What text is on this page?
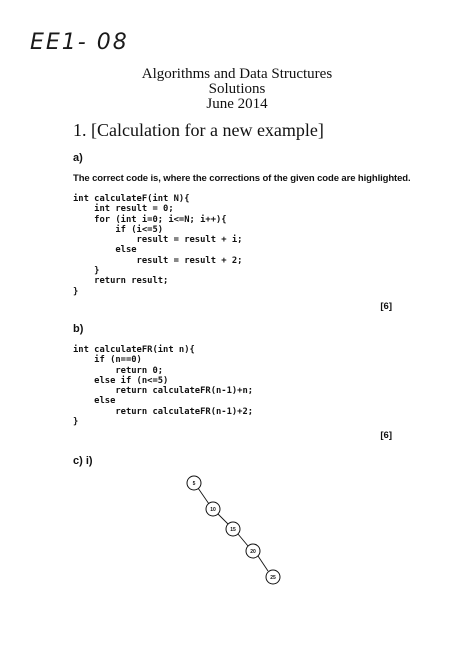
EE1- 08
Algorithms and Data Structures
Solutions
June 2014
1. [Calculation for a new example]
a)
The correct code is, where the corrections of the given code are highlighted.
int calculateF(int N){
int result = 0;
for (int i=0; i<=N; i++){
if (i<=5)
result = result + i;
else
result = result + 2;
}
return result;
}
[6]
b)
int calculateFR(int n){
if (n==0)
return 0;
else if (n<=5)
return calculateFR(n-1)+n;
else
return calculateFR(n-1)+2;
}
[6]
c) i)
5
10
15
20
25
